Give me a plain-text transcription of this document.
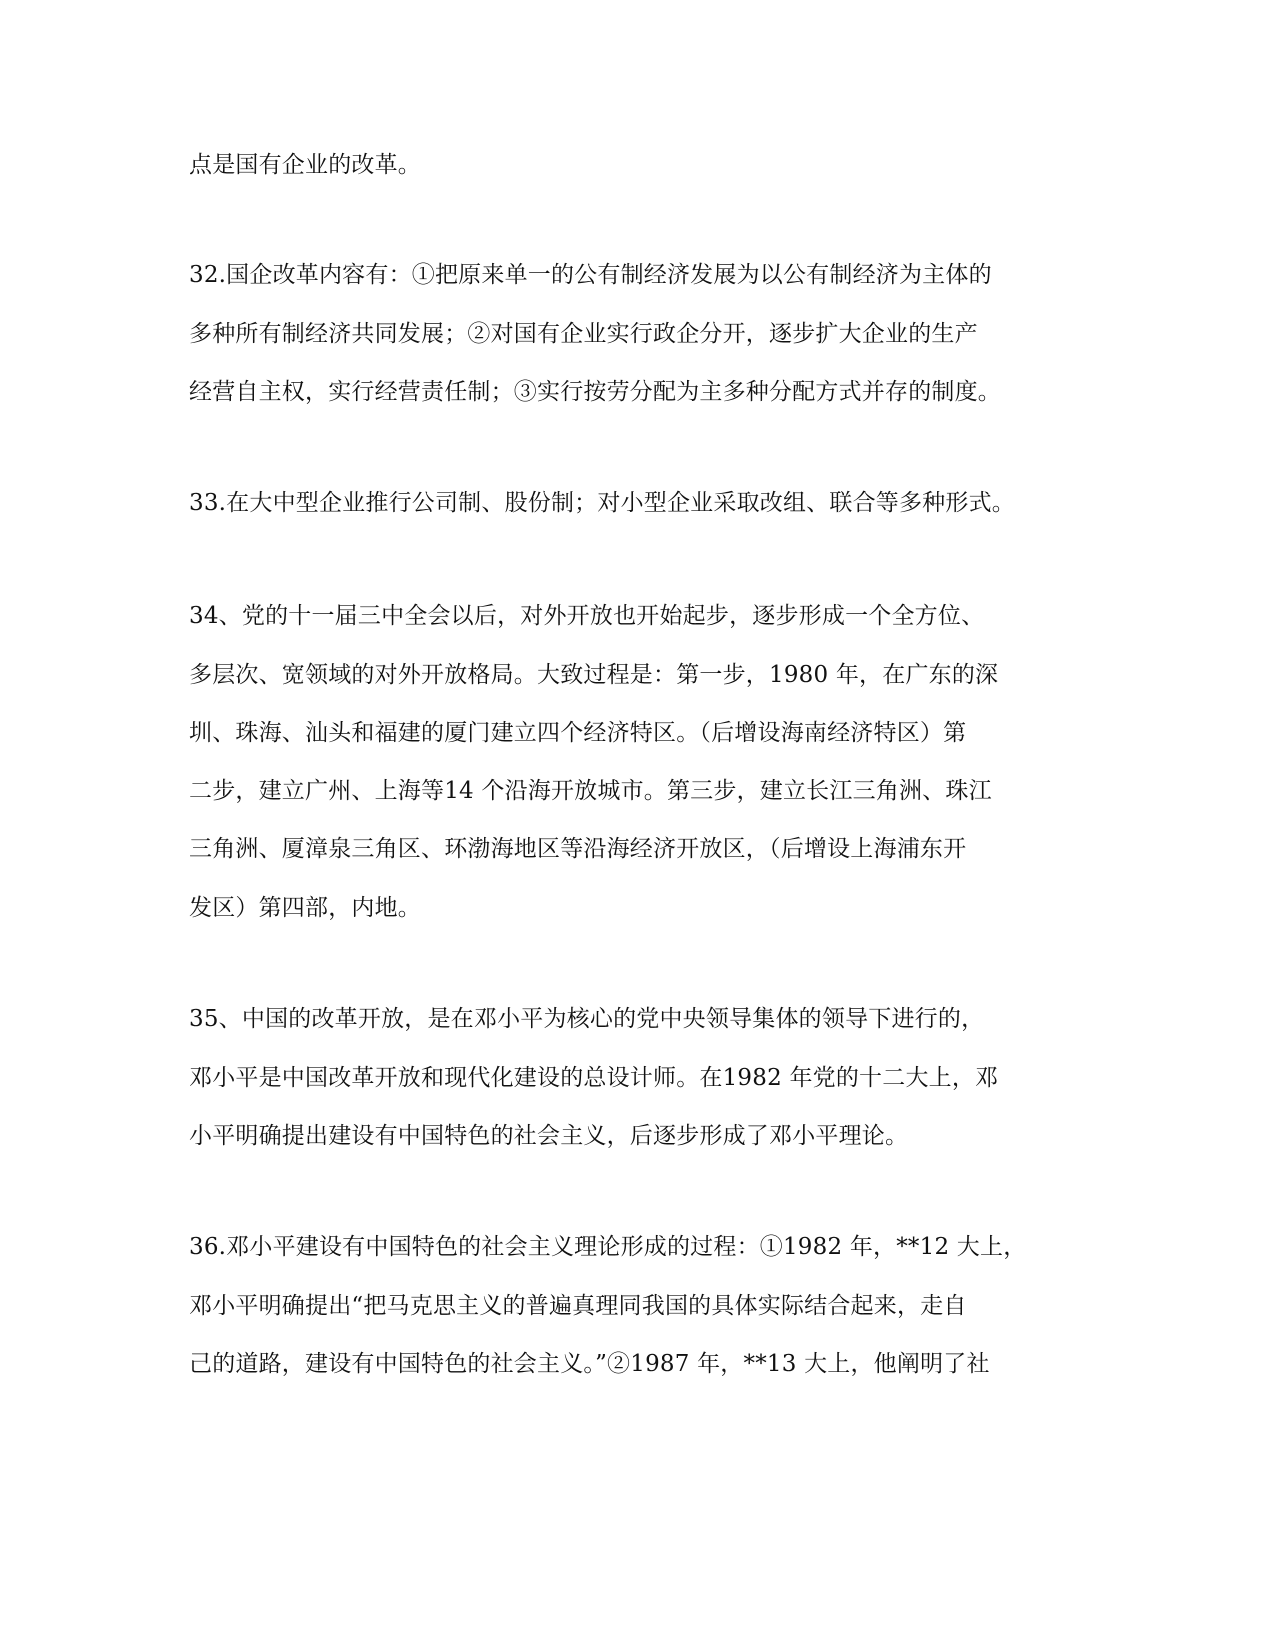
点是国有企业的改革。
32.国企改革内容有：①把原来单一的公有制经济发展为以公有制经济为主体的
多种所有制经济共同发展；②对国有企业实行政企分开，逐步扩大企业的生产
经营自主权，实行经营责任制；③实行按劳分配为主多种分配方式并存的制度。
33.在大中型企业推行公司制、股份制；对小型企业采取改组、联合等多种形式。
34、党的十一届三中全会以后，对外开放也开始起步，逐步形成一个全方位、
多层次、宽领域的对外开放格局。大致过程是：第一步，1980 年，在广东的深
圳、珠海、汕头和福建的厦门建立四个经济特区。（后增设海南经济特区）第
二步，建立广州、上海等14 个沿海开放城市。第三步，建立长江三角洲、珠江
三角洲、厦漳泉三角区、环渤海地区等沿海经济开放区，（后增设上海浦东开
发区）第四部，内地。
35、中国的改革开放，是在邓小平为核心的党中央领导集体的领导下进行的，
邓小平是中国改革开放和现代化建设的总设计师。在1982 年党的十二大上，邓
小平明确提出建设有中国特色的社会主义，后逐步形成了邓小平理论。
36.邓小平建设有中国特色的社会主义理论形成的过程：①1982 年，**12 大上，
邓小平明确提出“把马克思主义的普遍真理同我国的具体实际结合起来，走自
己的道路，建设有中国特色的社会主义。”②1987 年，**13 大上，他阐明了社
